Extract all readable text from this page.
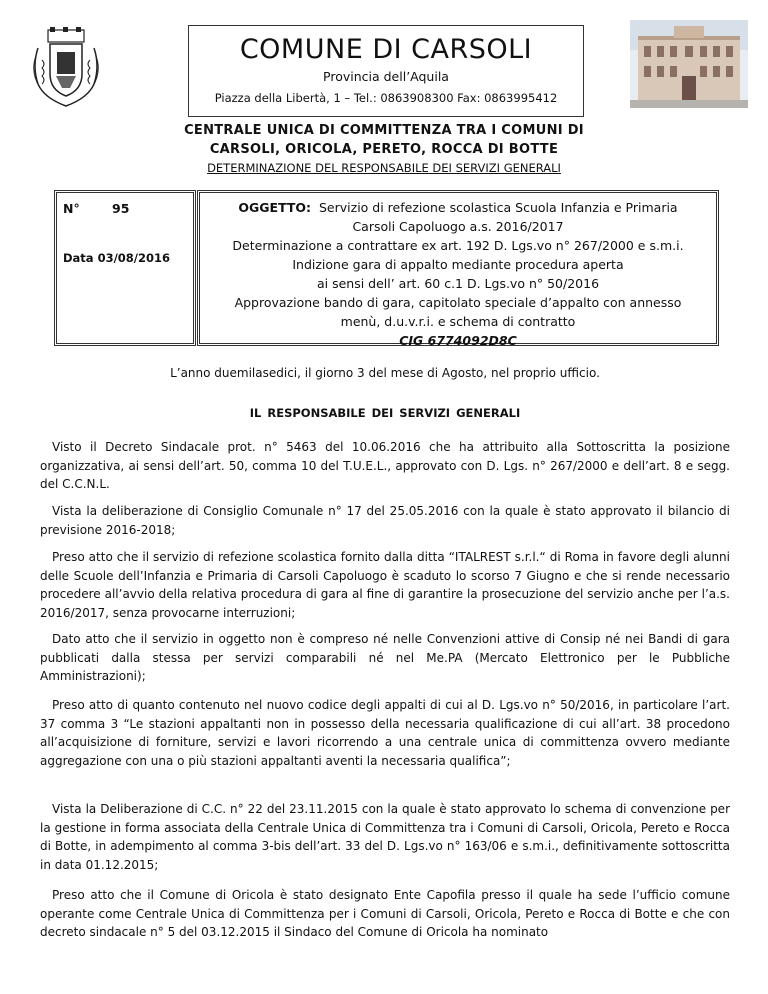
COMUNE DI CARSOLI
Provincia dell’Aquila
Piazza della Libertà, 1 – Tel.: 0863908300 Fax: 0863995412
CENTRALE UNICA DI COMMITTENZA TRA I COMUNI DI
CARSOLI, ORICOLA, PERETO, ROCCA DI BOTTE
DETERMINAZIONE DEL RESPONSABILE DEI SERVIZI GENERALI
N°	95
Data 03/08/2016
OGGETTO: Servizio di refezione scolastica Scuola Infanzia e Primaria
Carsoli Capoluogo a.s. 2016/2017
Determinazione a contrattare ex art. 192 D. Lgs.vo n° 267/2000 e s.m.i.
Indizione gara di appalto mediante procedura aperta
ai sensi dell’ art. 60 c.1 D. Lgs.vo n° 50/2016
Approvazione bando di gara, capitolato speciale d’appalto con annesso
menù, d.u.v.r.i. e schema di contratto
CIG 6774092D8C
L’anno duemilasedici, il giorno 3 del mese di Agosto, nel proprio ufficio.
IL RESPONSABILE DEI SERVIZI GENERALI
Visto il Decreto Sindacale prot. n° 5463 del 10.06.2016 che ha attribuito alla Sottoscritta la posizione organizzativa, ai sensi dell’art. 50, comma 10 del T.U.E.L., approvato con D. Lgs. n° 267/2000 e dell’art. 8 e segg. del C.C.N.L.
Vista la deliberazione di Consiglio Comunale n° 17 del 25.05.2016 con la quale è stato approvato il bilancio di previsione 2016-2018;
Preso atto che il servizio di refezione scolastica fornito dalla ditta “ITALREST s.r.l.“ di Roma in favore degli alunni delle Scuole dell’Infanzia e Primaria di Carsoli Capoluogo è scaduto lo scorso 7 Giugno e che si rende necessario procedere all’avvio della relativa procedura di gara al fine di garantire la prosecuzione del servizio anche per l’a.s. 2016/2017, senza provocarne interruzioni;
Dato atto che il servizio in oggetto non è compreso né nelle Convenzioni attive di Consip né nei Bandi di gara pubblicati dalla stessa per servizi comparabili né nel Me.PA (Mercato Elettronico per le Pubbliche Amministrazioni);
Preso atto di quanto contenuto nel nuovo codice degli appalti di cui al D. Lgs.vo n° 50/2016, in particolare l’art. 37 comma 3 “Le stazioni appaltanti non in possesso della necessaria qualificazione di cui all’art. 38 procedono all’acquisizione di forniture, servizi e lavori ricorrendo a una centrale unica di committenza ovvero mediante aggregazione con una o più stazioni appaltanti aventi la necessaria qualifica”;
Vista la Deliberazione di C.C. n° 22 del 23.11.2015 con la quale è stato approvato lo schema di convenzione per la gestione in forma associata della Centrale Unica di Committenza tra i Comuni di Carsoli, Oricola, Pereto e Rocca di Botte, in adempimento al comma 3-bis dell’art. 33 del D. Lgs.vo n° 163/06 e s.m.i., definitivamente sottoscritta in data 01.12.2015;
Preso atto che il Comune di Oricola è stato designato Ente Capofila presso il quale ha sede l’ufficio comune operante come Centrale Unica di Committenza per i Comuni di Carsoli, Oricola, Pereto e Rocca di Botte e che con decreto sindacale n° 5 del 03.12.2015 il Sindaco del Comune di Oricola ha nominato
